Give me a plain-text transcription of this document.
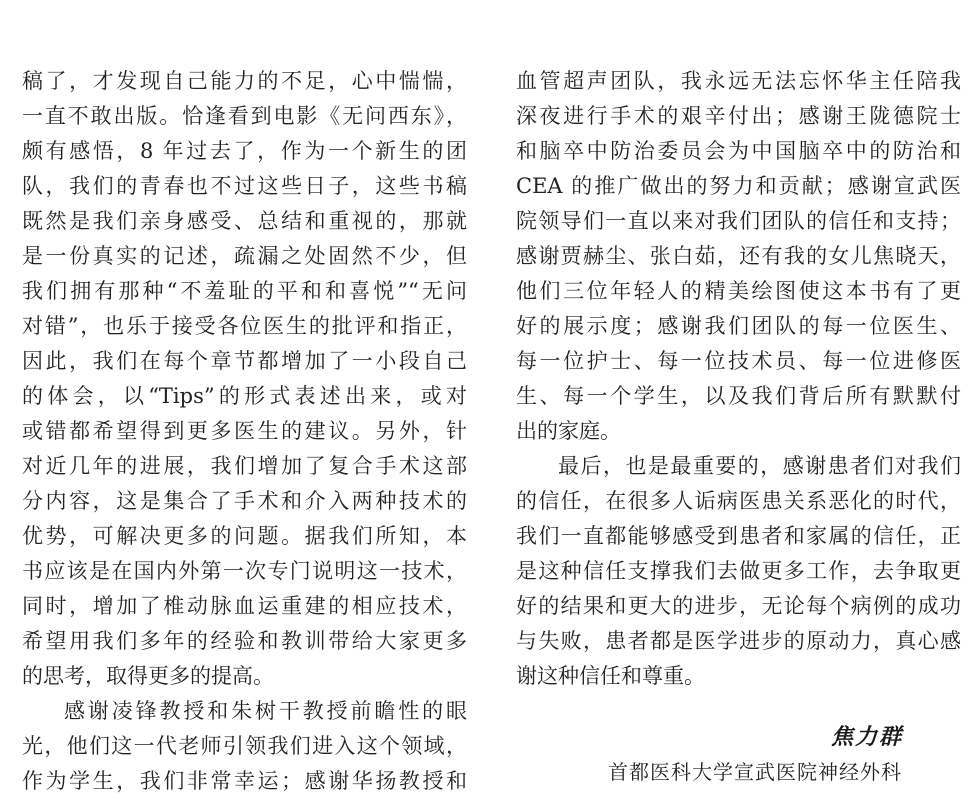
稿了，才发现自己能力的不足，心中惴惴，
一直不敢出版。恰逢看到电影《无问西东》，
颇有感悟，8 年过去了，作为一个新生的团
队，我们的青春也不过这些日子，这些书稿
既然是我们亲身感受、总结和重视的，那就
是一份真实的记述，疏漏之处固然不少，但
我们拥有那种“不羞耻的平和和喜悦”“无问
对错”，也乐于接受各位医生的批评和指正，
因此，我们在每个章节都增加了一小段自己
的体会，以“Tips”的形式表述出来，或对
或错都希望得到更多医生的建议。另外，针
对近几年的进展，我们增加了复合手术这部
分内容，这是集合了手术和介入两种技术的
优势，可解决更多的问题。据我们所知，本
书应该是在国内外第一次专门说明这一技术，
同时，增加了椎动脉血运重建的相应技术，
希望用我们多年的经验和教训带给大家更多
的思考，取得更多的提高。
感谢凌锋教授和朱树干教授前瞻性的眼
光，他们这一代老师引领我们进入这个领域，
作为学生，我们非常幸运；感谢华扬教授和
血管超声团队，我永远无法忘怀华主任陪我
深夜进行手术的艰辛付出；感谢王陇德院士
和脑卒中防治委员会为中国脑卒中的防治和
CEA 的推广做出的努力和贡献；感谢宣武医
院领导们一直以来对我们团队的信任和支持；
感谢贾赫尘、张白茹，还有我的女儿焦晓天，
他们三位年轻人的精美绘图使这本书有了更
好的展示度；感谢我们团队的每一位医生、
每一位护士、每一位技术员、每一位进修医
生、每一个学生，以及我们背后所有默默付
出的家庭。
最后，也是最重要的，感谢患者们对我们
的信任，在很多人诟病医患关系恶化的时代，
我们一直都能够感受到患者和家属的信任，正
是这种信任支撑我们去做更多工作，去争取更
好的结果和更大的进步，无论每个病例的成功
与失败，患者都是医学进步的原动力，真心感
谢这种信任和尊重。
焦力群
首都医科大学宣武医院神经外科
